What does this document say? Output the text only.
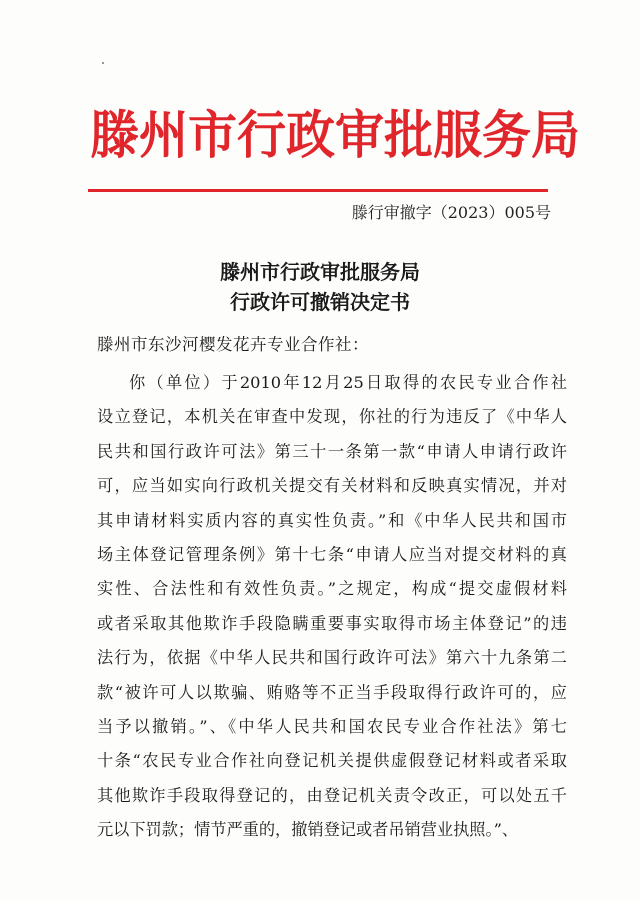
滕州市行政审批服务局
滕行审撤字（2023）005号
滕州市行政审批服务局
行政许可撤销决定书
滕州市东沙河樱发花卉专业合作社：
你（单位）于2010年12月25日取得的农民专业合作社
设立登记，本机关在审查中发现，你社的行为违反了《中华人
民共和国行政许可法》第三十一条第一款“申请人申请行政许
可，应当如实向行政机关提交有关材料和反映真实情况，并对
其申请材料实质内容的真实性负责。”和《中华人民共和国市
场主体登记管理条例》第十七条“申请人应当对提交材料的真
实性、合法性和有效性负责。”之规定，构成“提交虚假材料
或者采取其他欺诈手段隐瞒重要事实取得市场主体登记”的违
法行为，依据《中华人民共和国行政许可法》第六十九条第二
款“被许可人以欺骗、贿赂等不正当手段取得行政许可的，应
当予以撤销。”、《中华人民共和国农民专业合作社法》第七
十条“农民专业合作社向登记机关提供虚假登记材料或者采取
其他欺诈手段取得登记的，由登记机关责令改正，可以处五千
元以下罚款；情节严重的，撤销登记或者吊销营业执照。”、
